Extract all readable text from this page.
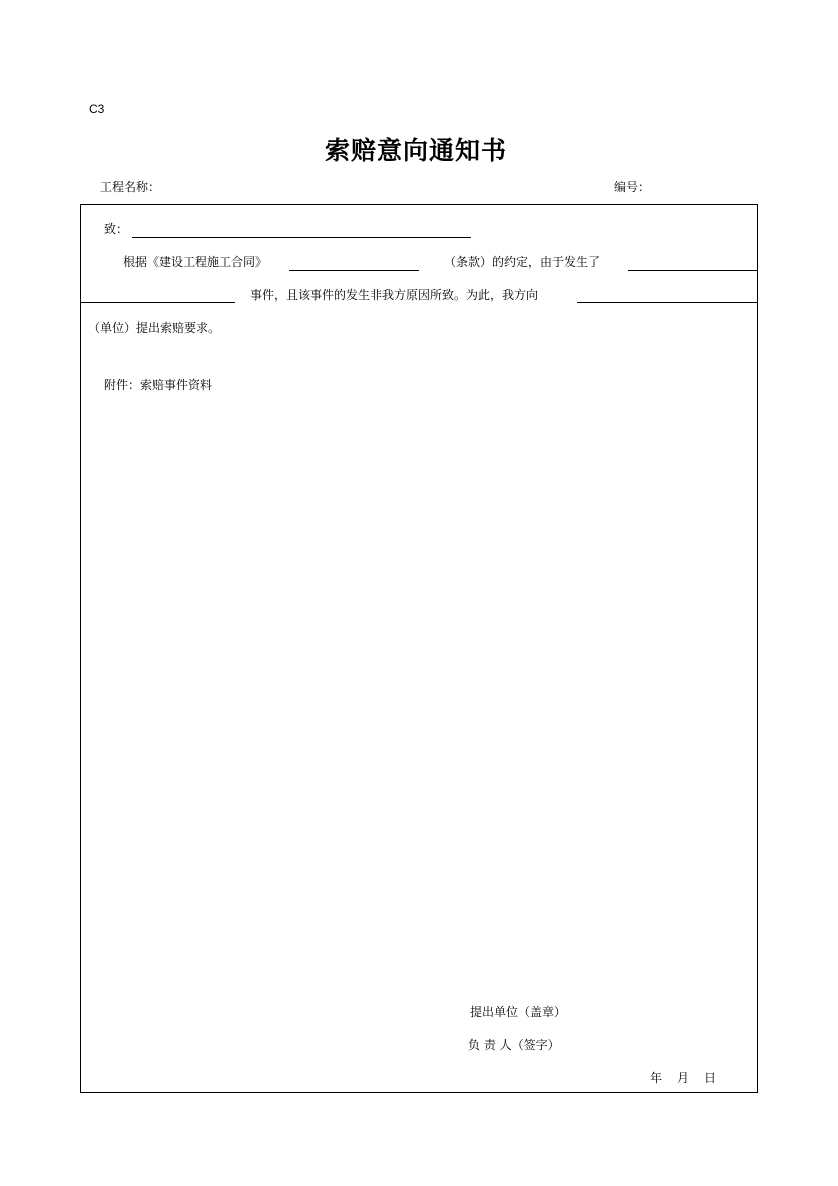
C3
索赔意向通知书
工程名称：	编号：
致：
根据《建设工程施工合同》	（条款）的约定，由于发生了
事件，且该事件的发生非我方原因所致。为此，我方向
（单位）提出索赔要求。
附件：索赔事件资料
提出单位（盖章）
负 责 人（签字）
年 月 日
